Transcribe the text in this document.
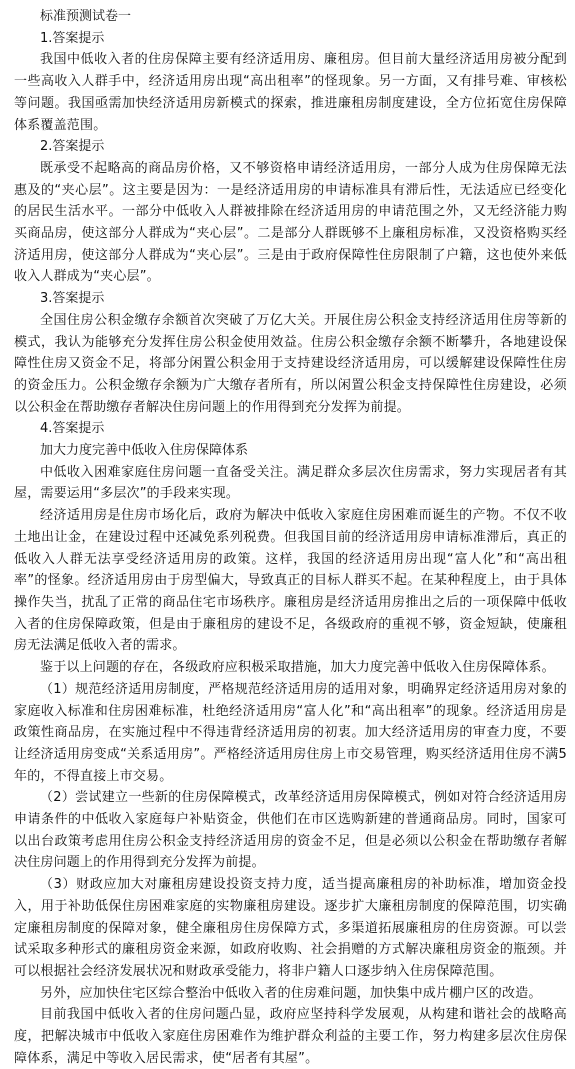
标准预测试卷一
1.答案提示

我国中低收入者的住房保障主要有经济适用房、廉租房。但目前大量经济适用房被分配到一些高收入人群手中，经济适用房出现“高出租率”的怪现象。另一方面，又有排号难、审核松等问题。我国亟需加快经济适用房新模式的探索，推进廉租房制度建设，全方位拓宽住房保障体系覆盖范围。

2.答案提示

既承受不起略高的商品房价格，又不够资格申请经济适用房，一部分人成为住房保障无法惠及的“夹心层”。这主要是因为：一是经济适用房的申请标准具有滞后性，无法适应已经变化的居民生活水平。一部分中低收入人群被排除在经济适用房的申请范围之外，又无经济能力购买商品房，使这部分人群成为“夹心层”。二是部分人群既够不上廉租房标准，又没资格购买经济适用房，使这部分人群成为“夹心层”。三是由于政府保障性住房限制了户籍，这也使外来低收入人群成为“夹心层”。

3.答案提示

全国住房公积金缴存余额首次突破了万亿大关。开展住房公积金支持经济适用住房等新的模式，我认为能够充分发挥住房公积金使用效益。住房公积金缴存余额不断攀升，各地建设保障性住房又资金不足，将部分闲置公积金用于支持建设经济适用房，可以缓解建设保障性住房的资金压力。公积金缴存余额为广大缴存者所有，所以闲置公积金支持保障性住房建设，必须以公积金在帮助缴存者解决住房问题上的作用得到充分发挥为前提。

4.答案提示
加大力度完善中低收入住房保障体系

中低收入困难家庭住房问题一直备受关注。满足群众多层次住房需求，努力实现居者有其屋，需要运用“多层次”的手段来实现。

经济适用房是住房市场化后，政府为解决中低收入家庭住房困难而诞生的产物。不仅不收土地出让金，在建设过程中还减免系列税费。但我国目前的经济适用房申请标准滞后，真正的低收入人群无法享受经济适用房的政策。这样，我国的经济适用房出现“富人化”和“高出租率”的怪象。经济适用房由于房型偏大，导致真正的目标人群买不起。在某种程度上，由于具体操作失当，扰乱了正常的商品住宅市场秩序。廉租房是经济适用房推出之后的一项保障中低收入者的住房保障政策，但是由于廉租房的建设不足，各级政府的重视不够，资金短缺，使廉租房无法满足低收入者的需求。

鉴于以上问题的存在，各级政府应积极采取措施，加大力度完善中低收入住房保障体系。

（1）规范经济适用房制度，严格规范经济适用房的适用对象，明确界定经济适用房对象的家庭收入标准和住房困难标准，杜绝经济适用房“富人化”和“高出租率”的现象。经济适用房是政策性商品房，在实施过程中不得违背经济适用房的初衷。加大经济适用房的审查力度，不要让经济适用房变成“关系适用房”。严格经济适用房住房上市交易管理，购买经济适用住房不满5年的，不得直接上市交易。

（2）尝试建立一些新的住房保障模式，改革经济适用房保障模式，例如对符合经济适用房申请条件的中低收入家庭每户补贴资金，供他们在市区选购新建的普通商品房。同时，国家可以出台政策考虑用住房公积金支持经济适用房的资金不足，但是必须以公积金在帮助缴存者解决住房问题上的作用得到充分发挥为前提。

（3）财政应加大对廉租房建设投资支持力度，适当提高廉租房的补助标准，增加资金投入，用于补助低保住房困难家庭的实物廉租房建设。逐步扩大廉租房制度的保障范围，切实确定廉租房制度的保障对象，健全廉租房住房保障方式，多渠道拓展廉租房的住房资源。可以尝试采取多种形式的廉租房资金来源，如政府收购、社会捐赠的方式解决廉租房资金的瓶颈。并可以根据社会经济发展状况和财政承受能力，将非户籍人口逐步纳入住房保障范围。

另外，应加快住宅区综合整治中低收入者的住房难问题，加快集中成片棚户区的改造。

目前我国中低收入者的住房问题凸显，政府应坚持科学发展观，从构建和谐社会的战略高度，把解决城市中低收入家庭住房困难作为维护群众利益的主要工作，努力构建多层次住房保障体系，满足中等收入居民需求，使“居者有其屋”。
